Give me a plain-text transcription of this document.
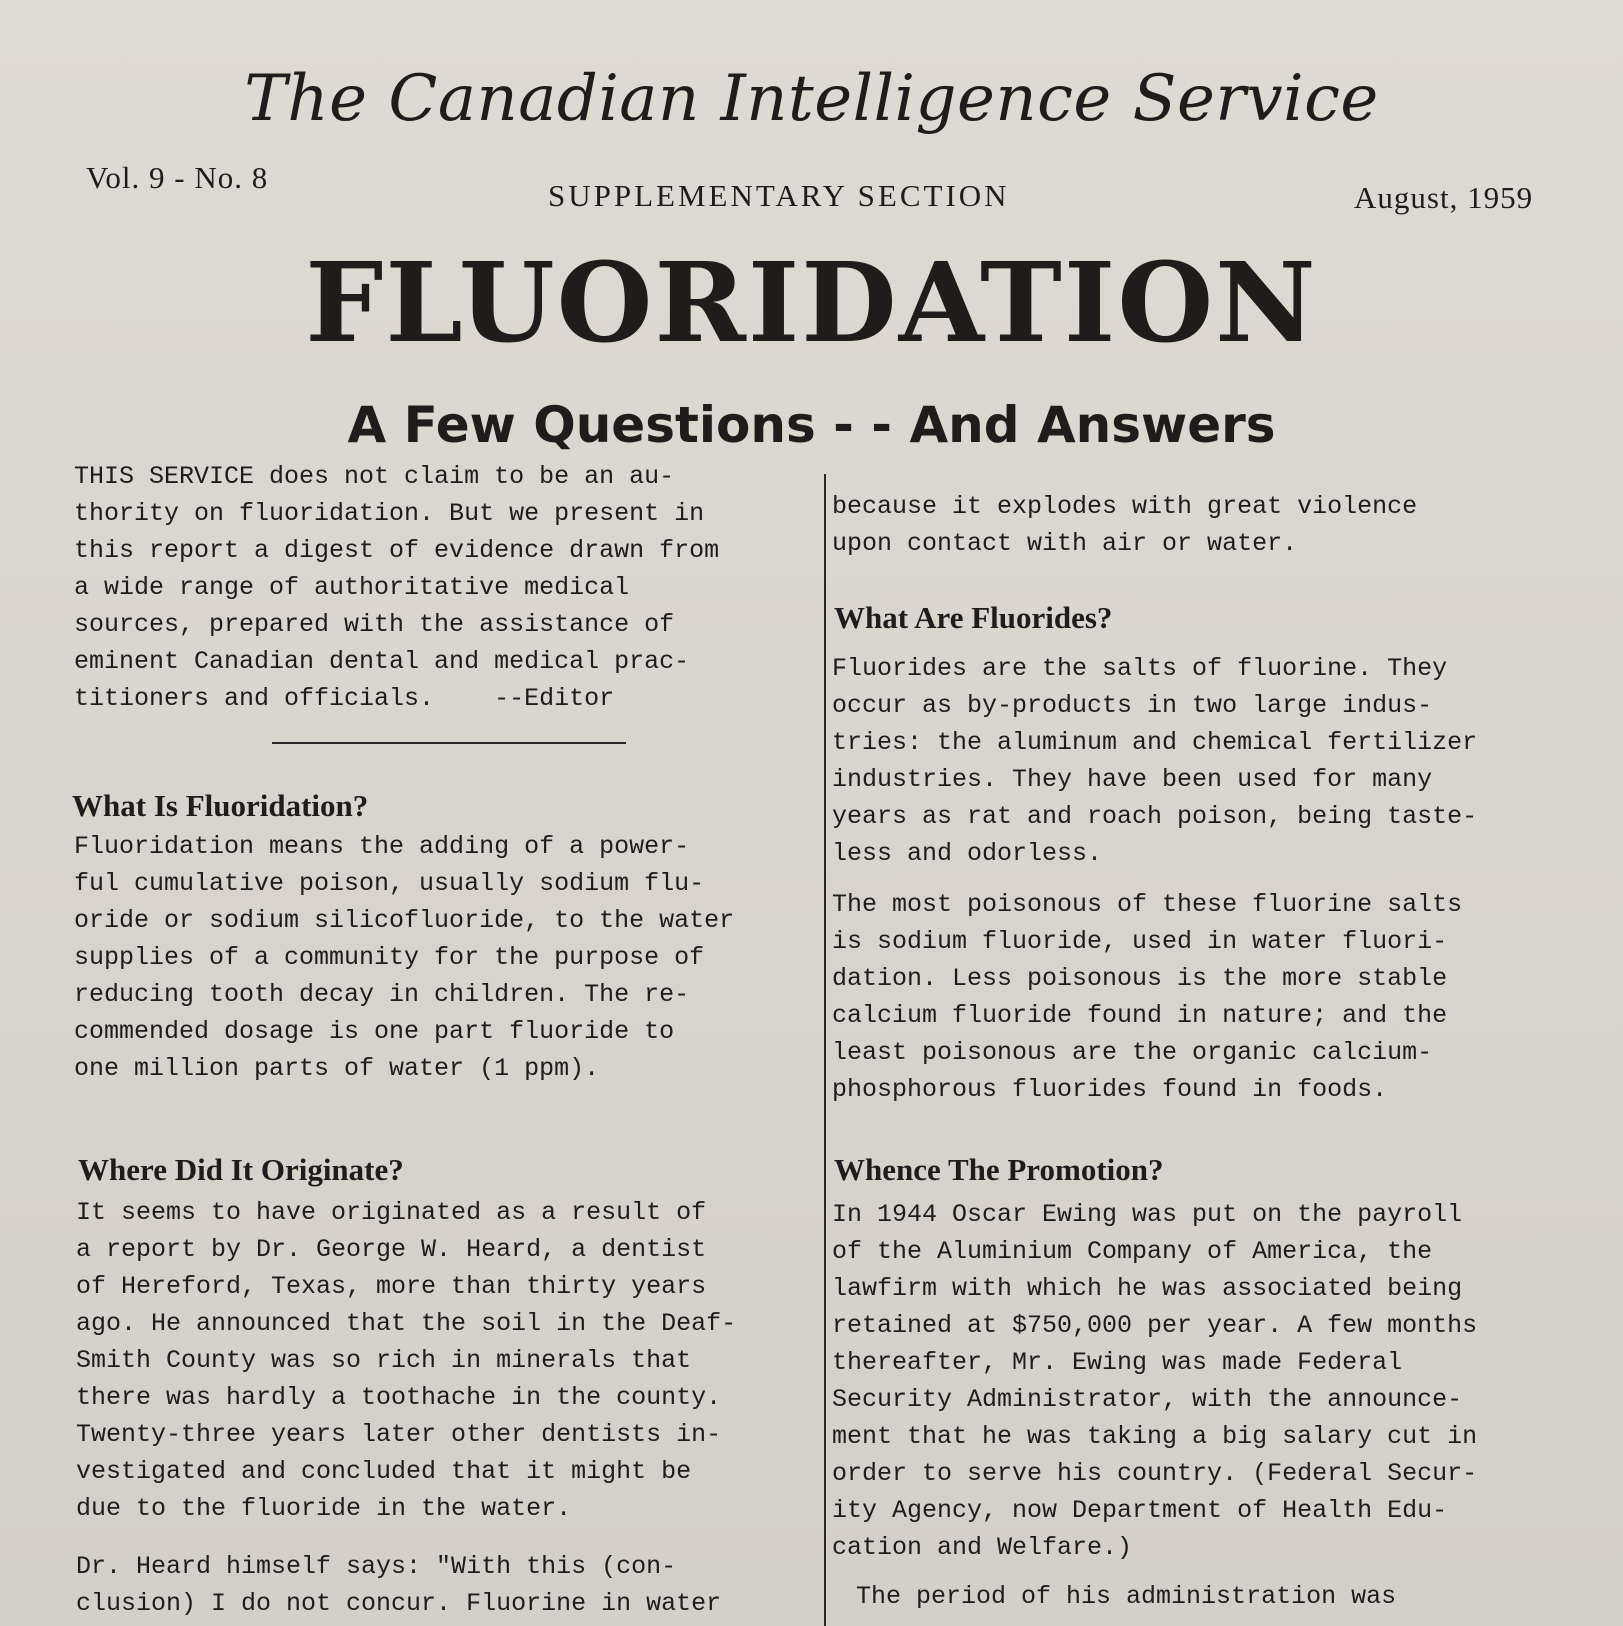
The Canadian Intelligence Service
Vol. 9 - No. 8
SUPPLEMENTARY SECTION	August, 1959
FLUORIDATION
A Few Questions - - And Answers
THIS SERVICE does not claim to be an au-
thority on fluoridation. But we present in
this report a digest of evidence drawn from
a wide range of authoritative medical
sources, prepared with the assistance of
eminent Canadian dental and medical prac-
titioners and officials.    --Editor
What Is Fluoridation?
Fluoridation means the adding of a power-
ful cumulative poison, usually sodium flu-
oride or sodium silicofluoride, to the water
supplies of a community for the purpose of
reducing tooth decay in children. The re-
commended dosage is one part fluoride to
one million parts of water (1 ppm).
Where Did It Originate?
It seems to have originated as a result of
a report by Dr. George W. Heard, a dentist
of Hereford, Texas, more than thirty years
ago. He announced that the soil in the Deaf-
Smith County was so rich in minerals that
there was hardly a toothache in the county.
Twenty-three years later other dentists in-
vestigated and concluded that it might be
due to the fluoride in the water.
Dr. Heard himself says: "With this (con-
clusion) I do not concur. Fluorine in water
because it explodes with great violence
upon contact with air or water.
What Are Fluorides?
Fluorides are the salts of fluorine. They
occur as by-products in two large indus-
tries: the aluminum and chemical fertilizer
industries. They have been used for many
years as rat and roach poison, being taste-
less and odorless.
The most poisonous of these fluorine salts
is sodium fluoride, used in water fluori-
dation. Less poisonous is the more stable
calcium fluoride found in nature; and the
least poisonous are the organic calcium-
phosphorous fluorides found in foods.
Whence The Promotion?
In 1944 Oscar Ewing was put on the payroll
of the Aluminium Company of America, the
lawfirm with which he was associated being
retained at $750,000 per year. A few months
thereafter, Mr. Ewing was made Federal
Security Administrator, with the announce-
ment that he was taking a big salary cut in
order to serve his country. (Federal Secur-
ity Agency, now Department of Health Edu-
cation and Welfare.)
The period of his administration was
